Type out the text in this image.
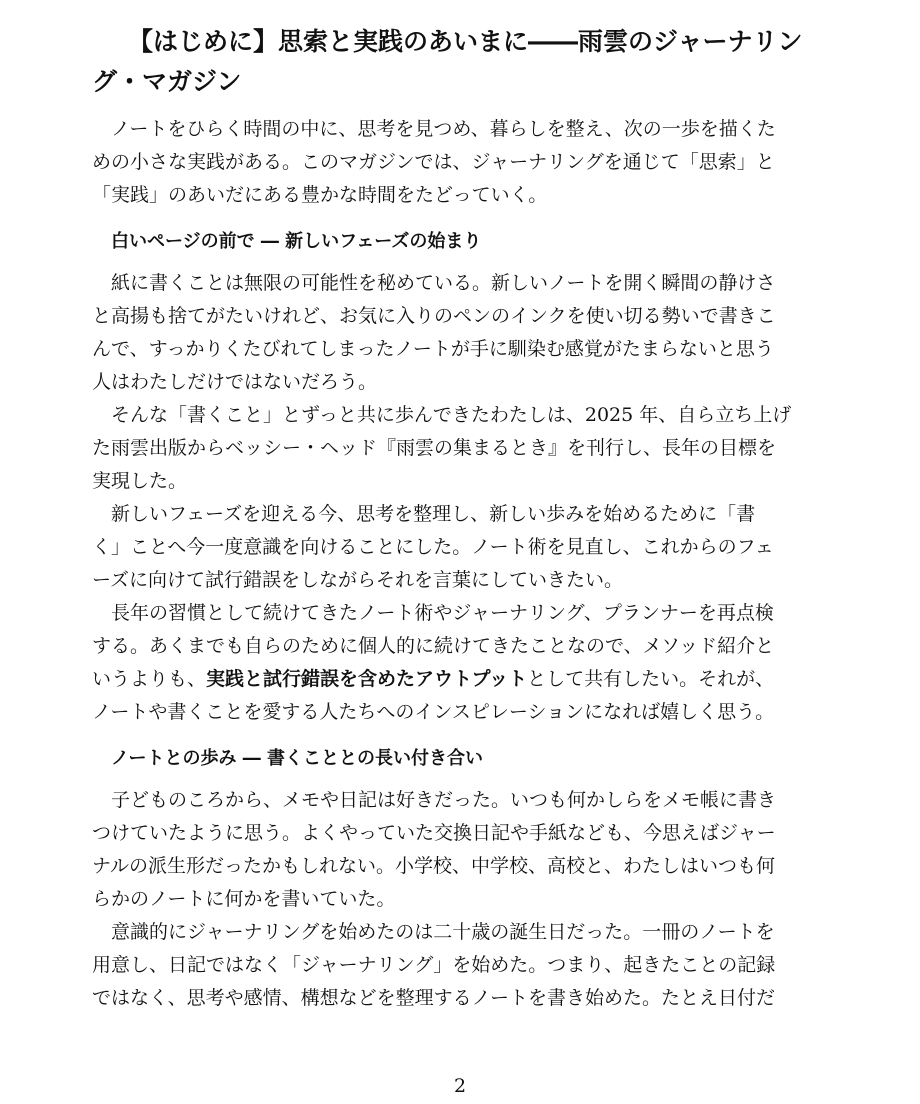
【はじめに】思索と実践のあいまに――雨雲のジャーナリン
グ・マガジン

ノートをひらく時間の中に、思考を見つめ、暮らしを整え、次の一歩を描くた
めの小さな実践がある。このマガジンでは、ジャーナリングを通じて「思索」と
「実践」のあいだにある豊かな時間をたどっていく。

白いページの前で ― 新しいフェーズの始まり

紙に書くことは無限の可能性を秘めている。新しいノートを開く瞬間の静けさ
と高揚も捨てがたいけれど、お気に入りのペンのインクを使い切る勢いで書きこ
んで、すっかりくたびれてしまったノートが手に馴染む感覚がたまらないと思う
人はわたしだけではないだろう。

そんな「書くこと」とずっと共に歩んできたわたしは、2025 年、自ら立ち上げ
た雨雲出版からベッシー・ヘッド『雨雲の集まるとき』を刊行し、長年の目標を
実現した。

新しいフェーズを迎える今、思考を整理し、新しい歩みを始めるために「書
く」ことへ今一度意識を向けることにした。ノート術を見直し、これからのフェ
ーズに向けて試行錯誤をしながらそれを言葉にしていきたい。

長年の習慣として続けてきたノート術やジャーナリング、プランナーを再点検
する。あくまでも自らのために個人的に続けてきたことなので、メソッド紹介と
いうよりも、実践と試行錯誤を含めたアウトプットとして共有したい。それが、
ノートや書くことを愛する人たちへのインスピレーションになれば嬉しく思う。

ノートとの歩み ― 書くこととの長い付き合い

子どものころから、メモや日記は好きだった。いつも何かしらをメモ帳に書き
つけていたように思う。よくやっていた交換日記や手紙なども、今思えばジャー
ナルの派生形だったかもしれない。小学校、中学校、高校と、わたしはいつも何
らかのノートに何かを書いていた。

意識的にジャーナリングを始めたのは二十歳の誕生日だった。一冊のノートを
用意し、日記ではなく「ジャーナリング」を始めた。つまり、起きたことの記録
ではなく、思考や感情、構想などを整理するノートを書き始めた。たとえ日付だ

2
